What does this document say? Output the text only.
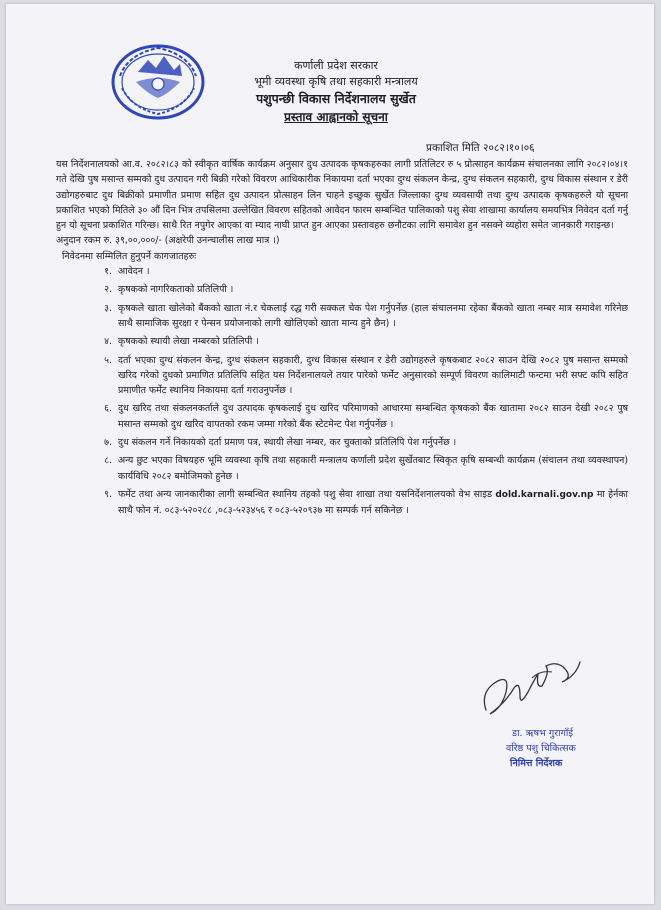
कर्णाली प्रदेश सरकार
भूमी व्यवस्था कृषि तथा सहकारी मन्त्रालय
पशुपन्छी विकास निर्देशनालय सुर्खेत
प्रस्ताव आह्वानको सूचना
प्रकाशित मिति २०८२।१०।०६

यस निर्देशनालयको आ.व. २०८२।८३ को स्वीकृत वार्षिक कार्यक्रम अनुसार दुध उत्पादक कृषकहरुका लागी प्रतिलिटर रु ५ प्रोत्साहन कार्यक्रम संचालनका लागि २०८२।०४।१ गते देखि पुष मसान्त सम्मको दुध उत्पादन गरी बिक्री गरेको विवरण आधिकारीक निकायमा दर्ता भएका दुग्ध संकलन केन्द्र, दुग्ध संकलन सहकारी, दुग्ध विकास संस्थान र डेरी उद्योगहरुबाट दुध बिक्रीको प्रमाणीत प्रमाण सहित दुध उत्पादन प्रोत्साहन लिन चाहने इच्छुक सुर्खेत जिल्लाका दुग्ध व्यवसायी तथा दुग्ध उत्पादक कृषकहरुले यो सूचना प्रकाशित भएको मितिले ३० औं दिन भित्र तपसिलमा उल्लेखित विवरण सहितको आवेदन फारम सम्बन्धित पालिकाको पशु सेवा शाखामा कार्यालय समयभित्र निवेदन दर्ता गर्नु हुन यो सूचना प्रकाशित गरिन्छ। साथै रित नपुगेर आएका वा म्याद नाघी प्राप्त हुन आएका प्रस्तावहरु छनौटका लागि समावेश हुन नसक्ने व्यहोरा समेत जानकारी गराइन्छ।

अनुदान रकम रु. ३९,००,०००/- (अक्षरेपी उनन्चालीस लाख मात्र ।)

निवेदनमा सम्मिलित हुनुपर्ने कागजातहरुः

१. आवेदन ।
२. कृषकको नागरिकताको प्रतिलिपी ।
३. कृषकले खाता खोलेको बैंकको खाता नं.र चेकलाई रद्ध गरी सक्कल चेक पेश गर्नुपर्नेछ (हाल संचालनमा रहेका बैंकको खाता नम्बर मात्र समावेश गरिनेछ साथै सामाजिक सुरक्षा र पेन्सन प्रयोजनाको लागी खोलिएको खाता मान्य हुने छैन) ।
४. कृषकको स्थायी लेखा नम्बरको प्रतिलिपी ।
५. दर्ता भएका दुग्ध संकलन केन्द्र, दुग्ध संकलन सहकारी, दुग्ध विकास संस्थान र डेरी उद्योगहरुले कृषकबाट २०८२ साउन देखि २०८२ पुष मसान्त सम्मको खरिद गरेको दुधको प्रमाणित प्रतिलिपि सहित यस निर्देशनालयले तयार पारेको फर्मेट अनुसारको सम्पूर्ण विवरण कालिमाटी फन्टमा भरी सफ्ट कपि सहित प्रमाणीत फर्मेट स्थानिय निकायमा दर्ता गराउनुपर्नेछ ।
६. दुध खरिद तथा संकलनकर्ताले दुध उत्पादक कृषकलाई दुध खरिद परिमाणको आधारमा सम्बन्धित कृषकको बैंक खातामा २०८२ साउन देखी २०८२ पुष मसान्त सम्मको दुध खरिद वापतको रकम जम्मा गरेको बैंक स्टेटमेन्ट पेश गर्नुपर्नेछ ।
७. दुध संकलन गर्ने निकायको दर्ता प्रमाण पत्र, स्थायी लेखा नम्बर, कर चुक्ताको प्रतिलिपि पेश गर्नुपर्नेछ ।
८. अन्य छुट भएका विषयहरु भूमि व्यवस्था कृषि तथा सहकारी मन्त्रालय कर्णाली प्रदेश सुर्खेतबाट स्विकृत कृषि सम्बन्धी कार्यक्रम (संचालन तथा व्यवस्थापन) कार्यविधि २०८२ बमोजिमको हुनेछ ।
९. फर्मेट तथा अन्य जानकारीका लागी सम्बन्धित स्थानिय तहको पशु सेवा शाखा तथा यसनिर्देशनालयको वेभ साइड dold.karnali.gov.np मा हेर्नका साथै फोन नं. ०८३-५२०२८८ ,०८३-५२३४५६ र ०८३-५२०९३७ मा सम्पर्क गर्न सकिनेछ ।
डा. ऋषभ गुरागाँई
वरिष्ठ पशु चिकित्सक
निमित्त निर्देशक
